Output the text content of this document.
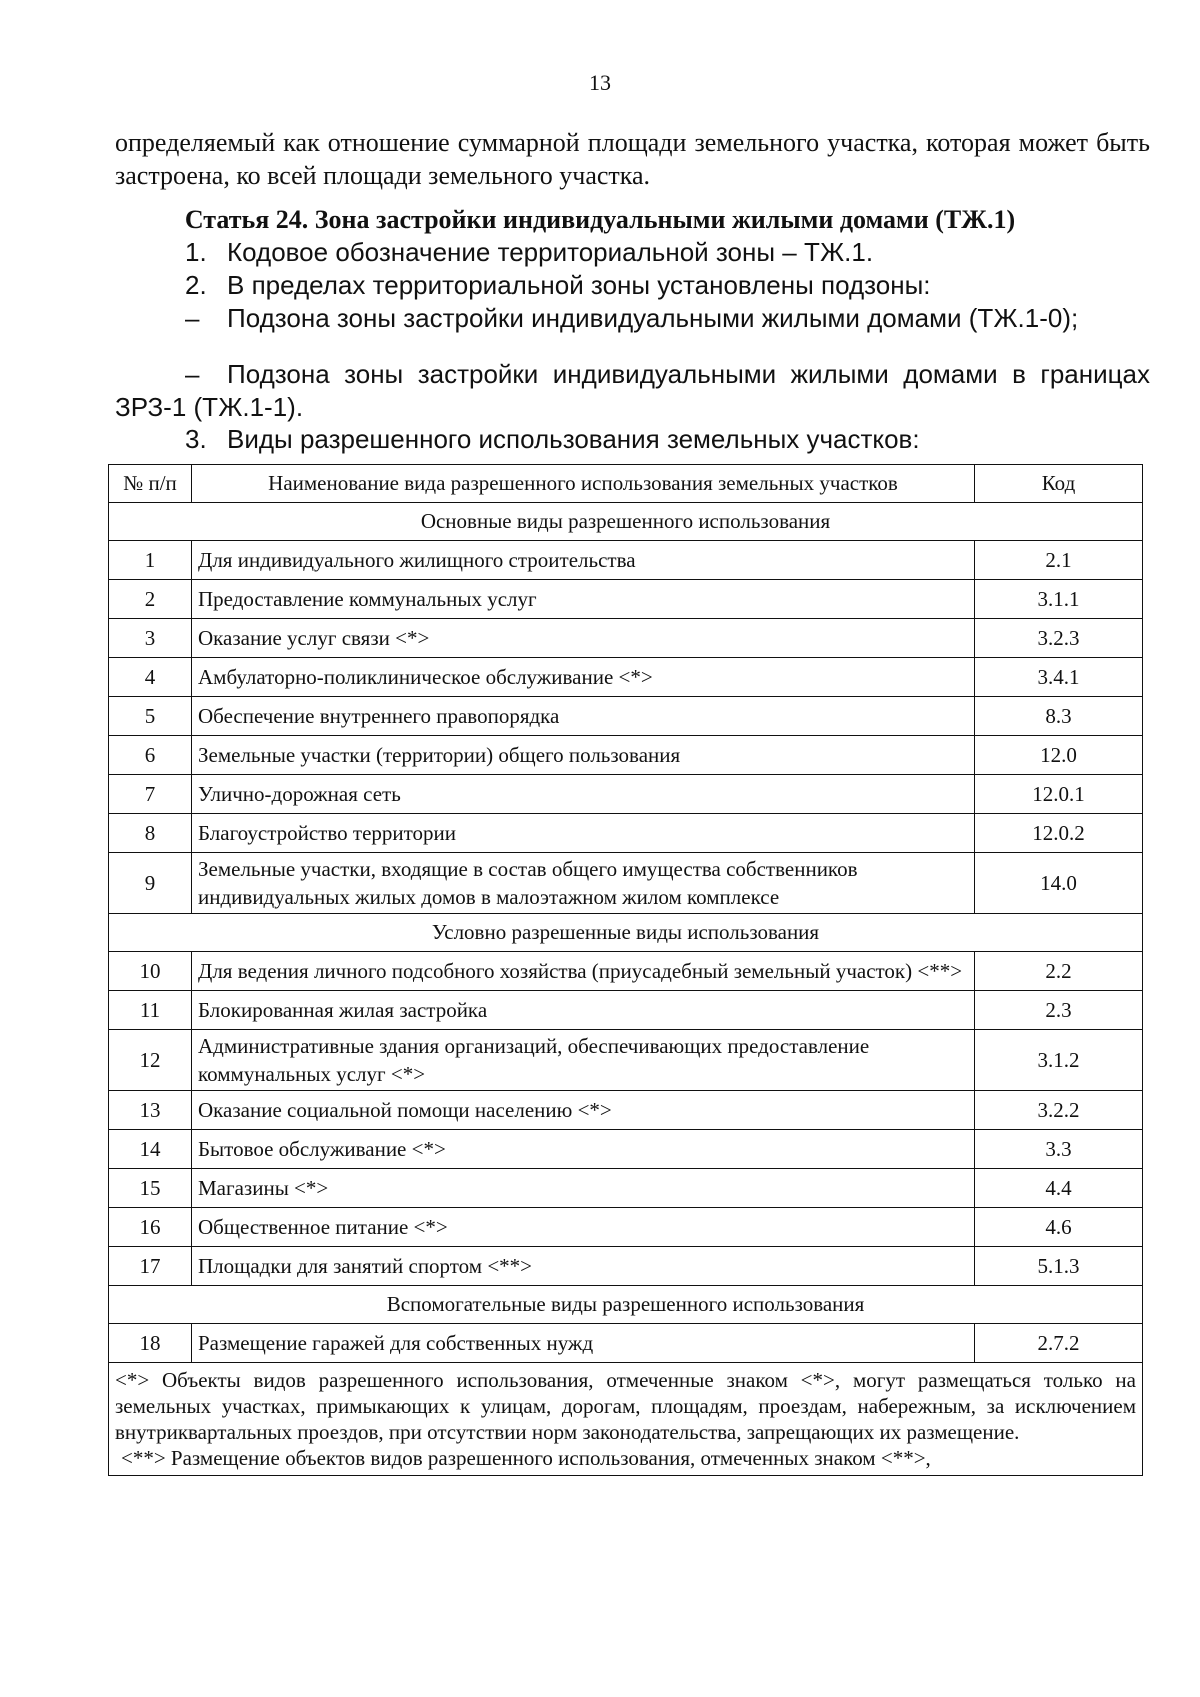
13
определяемый как отношение суммарной площади земельного участка, которая может быть застроена, ко всей площади земельного участка.
Статья 24. Зона застройки индивидуальными жилыми домами (ТЖ.1)
1. Кодовое обозначение территориальной зоны – ТЖ.1.
2. В пределах территориальной зоны установлены подзоны:
– Подзона зоны застройки индивидуальными жилыми домами (ТЖ.1-0);
– Подзона зоны застройки индивидуальными жилыми домами в границах ЗРЗ-1 (ТЖ.1-1).
3. Виды разрешенного использования земельных участков:
№ п/п	Наименование вида разрешенного использования земельных участков	Код
Основные виды разрешенного использования		
1	Для индивидуального жилищного строительства	2.1
2	Предоставление коммунальных услуг	3.1.1
3	Оказание услуг связи <*>	3.2.3
4	Амбулаторно-поликлиническое обслуживание <*>	3.4.1
5	Обеспечение внутреннего правопорядка	8.3
6	Земельные участки (территории) общего пользования	12.0
7	Улично-дорожная сеть	12.0.1
8	Благоустройство территории	12.0.2
9	Земельные участки, входящие в состав общего имущества собственников индивидуальных жилых домов в малоэтажном жилом комплексе	14.0
Условно разрешенные виды использования		
10	Для ведения личного подсобного хозяйства (приусадебный земельный участок) <**>	2.2
11	Блокированная жилая застройка	2.3
12	Административные здания организаций, обеспечивающих предоставление коммунальных услуг <*>	3.1.2
13	Оказание социальной помощи населению <*>	3.2.2
14	Бытовое обслуживание <*>	3.3
15	Магазины <*>	4.4
16	Общественное питание <*>	4.6
17	Площадки для занятий спортом <**>	5.1.3
Вспомогательные виды разрешенного использования		
18	Размещение гаражей для собственных нужд	2.7.2

<*> Объекты видов разрешенного использования, отмеченные знаком <*>, могут размещаться только на земельных участках, примыкающих к улицам, дорогам, площадям, проездам, набережным, за исключением внутриквартальных проездов, при отсутствии норм законодательства, запрещающих их размещение.

<**> Размещение объектов видов разрешенного использования, отмеченных знаком <**>,		
